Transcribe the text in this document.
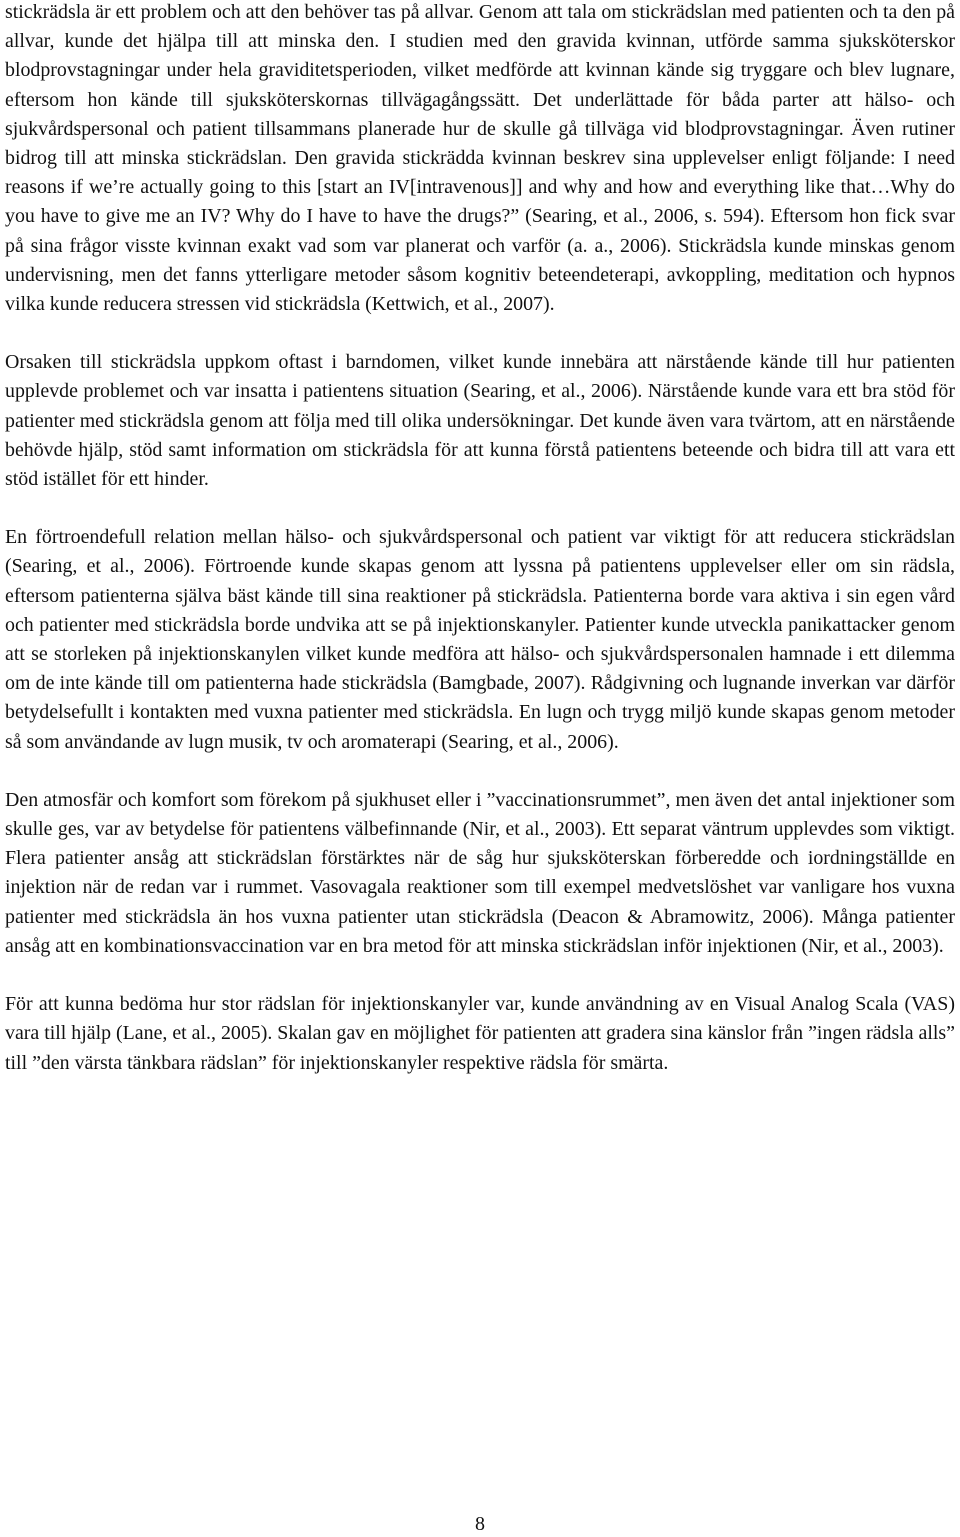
stickrädsla är ett problem och att den behöver tas på allvar. Genom att tala om stickrädslan med patienten och ta den på allvar, kunde det hjälpa till att minska den. I studien med den gravida kvinnan, utförde samma sjuksköterskor blodprovstagningar under hela graviditetsperioden, vilket medförde att kvinnan kände sig tryggare och blev lugnare, eftersom hon kände till sjuksköterskornas tillvägagångssätt. Det underlättade för båda parter att hälso- och sjukvårdspersonal och patient tillsammans planerade hur de skulle gå tillväga vid blodprovstagningar. Även rutiner bidrog till att minska stickrädslan. Den gravida stickrädda kvinnan beskrev sina upplevelser enligt följande: I need reasons if we’re actually going to this [start an IV[intravenous]] and why and how and everything like that…Why do you have to give me an IV? Why do I have to have the drugs?” (Searing, et al., 2006, s. 594). Eftersom hon fick svar på sina frågor visste kvinnan exakt vad som var planerat och varför (a. a., 2006). Stickrädsla kunde minskas genom undervisning, men det fanns ytterligare metoder såsom kognitiv beteendeterapi, avkoppling, meditation och hypnos vilka kunde reducera stressen vid stickrädsla (Kettwich, et al., 2007).

Orsaken till stickrädsla uppkom oftast i barndomen, vilket kunde innebära att närstående kände till hur patienten upplevde problemet och var insatta i patientens situation (Searing, et al., 2006). Närstående kunde vara ett bra stöd för patienter med stickrädsla genom att följa med till olika undersökningar. Det kunde även vara tvärtom, att en närstående behövde hjälp, stöd samt information om stickrädsla för att kunna förstå patientens beteende och bidra till att vara ett stöd istället för ett hinder.

En förtroendefull relation mellan hälso- och sjukvårdspersonal och patient var viktigt för att reducera stickrädslan (Searing, et al., 2006). Förtroende kunde skapas genom att lyssna på patientens upplevelser eller om sin rädsla, eftersom patienterna själva bäst kände till sina reaktioner på stickrädsla. Patienterna borde vara aktiva i sin egen vård och patienter med stickrädsla borde undvika att se på injektionskanyler. Patienter kunde utveckla panikattacker genom att se storleken på injektionskanylen vilket kunde medföra att hälso- och sjukvårdspersonalen hamnade i ett dilemma om de inte kände till om patienterna hade stickrädsla (Bamgbade, 2007). Rådgivning och lugnande inverkan var därför betydelsefullt i kontakten med vuxna patienter med stickrädsla. En lugn och trygg miljö kunde skapas genom metoder så som användande av lugn musik, tv och aromaterapi (Searing, et al., 2006).

Den atmosfär och komfort som förekom på sjukhuset eller i ”vaccinationsrummet”, men även det antal injektioner som skulle ges, var av betydelse för patientens välbefinnande (Nir, et al., 2003). Ett separat väntrum upplevdes som viktigt. Flera patienter ansåg att stickrädslan förstärktes när de såg hur sjuksköterskan förberedde och iordningställde en injektion när de redan var i rummet. Vasovagala reaktioner som till exempel medvetslöshet var vanligare hos vuxna patienter med stickrädsla än hos vuxna patienter utan stickrädsla (Deacon & Abramowitz, 2006). Många patienter ansåg att en kombinationsvaccination var en bra metod för att minska stickrädslan inför injektionen (Nir, et al., 2003).

För att kunna bedöma hur stor rädslan för injektionskanyler var, kunde användning av en Visual Analog Scala (VAS) vara till hjälp (Lane, et al., 2005). Skalan gav en möjlighet för patienten att gradera sina känslor från ”ingen rädsla alls” till ”den värsta tänkbara rädslan” för injektionskanyler respektive rädsla för smärta.

8
